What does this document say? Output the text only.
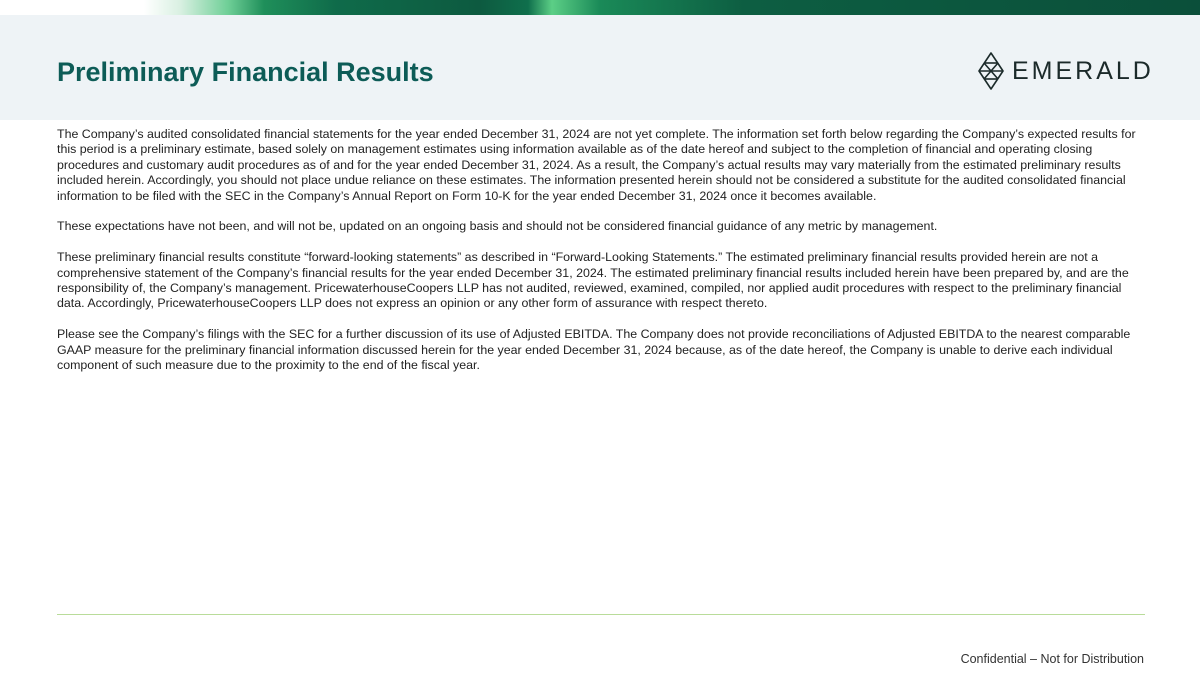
Preliminary Financial Results	EMERALD

The Company’s audited consolidated financial statements for the year ended December 31, 2024 are not yet complete. The information set forth below regarding the Company’s expected results for this period is a preliminary estimate, based solely on management estimates using information available as of the date hereof and subject to the completion of financial and operating closing procedures and customary audit procedures as of and for the year ended December 31, 2024. As a result, the Company’s actual results may vary materially from the estimated preliminary results included herein. Accordingly, you should not place undue reliance on these estimates. The information presented herein should not be considered a substitute for the audited consolidated financial information to be filed with the SEC in the Company’s Annual Report on Form 10-K for the year ended December 31, 2024 once it becomes available.

These expectations have not been, and will not be, updated on an ongoing basis and should not be considered financial guidance of any metric by management.

These preliminary financial results constitute “forward-looking statements” as described in “Forward-Looking Statements.” The estimated preliminary financial results provided herein are not a comprehensive statement of the Company’s financial results for the year ended December 31, 2024. The estimated preliminary financial results included herein have been prepared by, and are the responsibility of, the Company’s management. PricewaterhouseCoopers LLP has not audited, reviewed, examined, compiled, nor applied audit procedures with respect to the preliminary financial data. Accordingly, PricewaterhouseCoopers LLP does not express an opinion or any other form of assurance with respect thereto.

Please see the Company’s filings with the SEC for a further discussion of its use of Adjusted EBITDA. The Company does not provide reconciliations of Adjusted EBITDA to the nearest comparable GAAP measure for the preliminary financial information discussed herein for the year ended December 31, 2024 because, as of the date hereof, the Company is unable to derive each individual component of such measure due to the proximity to the end of the fiscal year.

Confidential – Not for Distribution
